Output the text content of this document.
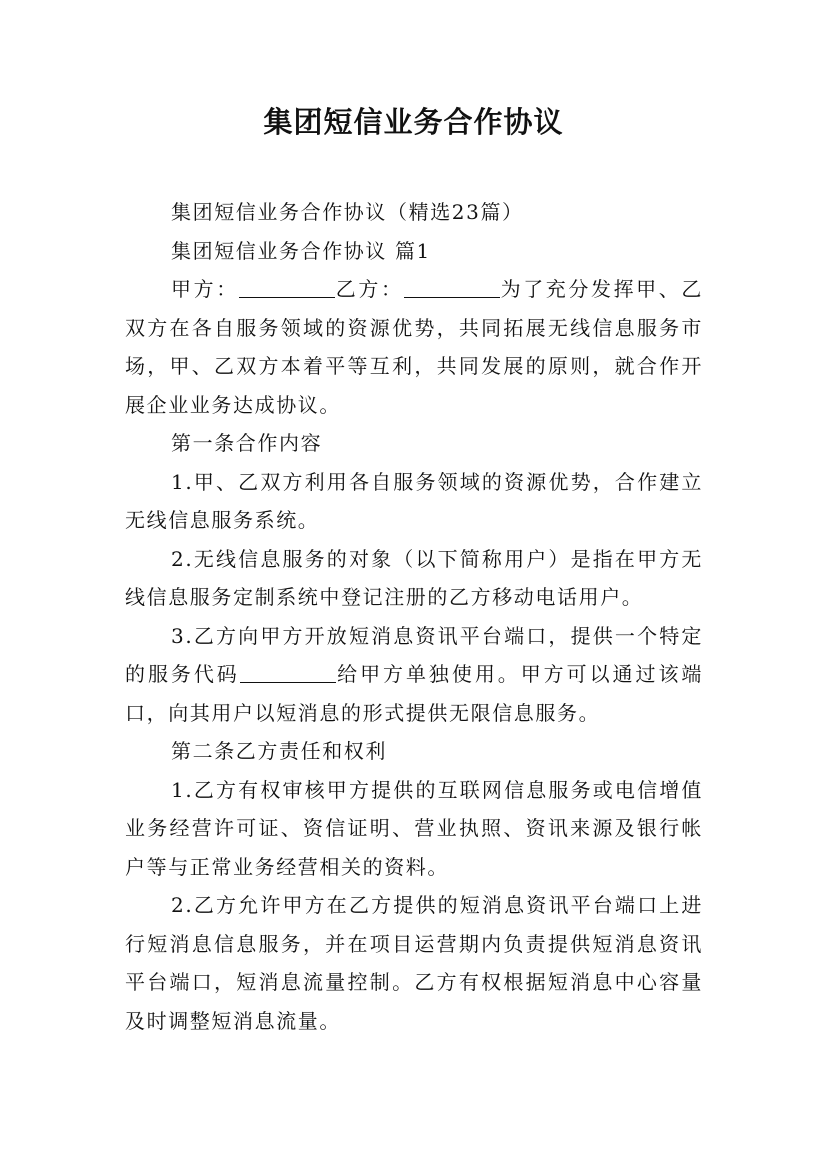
集团短信业务合作协议

集团短信业务合作协议（精选23篇）

集团短信业务合作协议 篇1

甲方：	乙方：	为了充分发挥甲、乙双方在各自服务领域的资源优势，共同拓展无线信息服务市场，甲、乙双方本着平等互利，共同发展的原则，就合作开展企业业务达成协议。

第一条合作内容

1.甲、乙双方利用各自服务领域的资源优势，合作建立无线信息服务系统。

2.无线信息服务的对象（以下简称用户）是指在甲方无线信息服务定制系统中登记注册的乙方移动电话用户。

3.乙方向甲方开放短消息资讯平台端口，提供一个特定的服务代码	给甲方单独使用。甲方可以通过该端口，向其用户以短消息的形式提供无限信息服务。

第二条乙方责任和权利

1.乙方有权审核甲方提供的互联网信息服务或电信增值业务经营许可证、资信证明、营业执照、资讯来源及银行帐户等与正常业务经营相关的资料。

2.乙方允许甲方在乙方提供的短消息资讯平台端口上进行短消息信息服务，并在项目运营期内负责提供短消息资讯平台端口，短消息流量控制。乙方有权根据短消息中心容量及时调整短消息流量。
